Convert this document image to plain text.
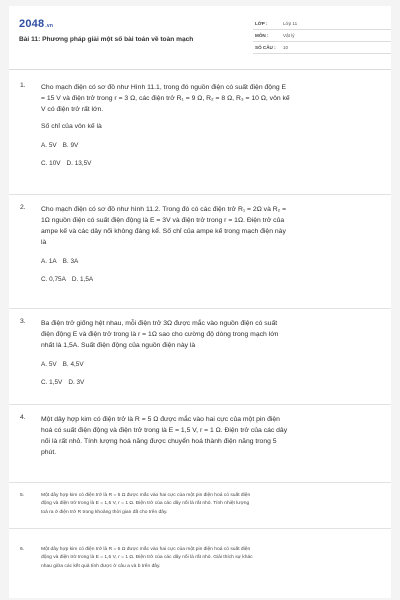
2048.vn
Bài 11: Phương pháp giải một số bài toán về toàn mạch
LỚP :	Lớp 11
MÔN :	Vật lý
SỐ CÂU : 10
1. Cho mạch điện có sơ đồ như Hình 11.1, trong đó nguồn điện có suất điện động E
= 15 V và điện trở trong r = 3 Ω, các điện trở R₁ = 9 Ω, R₂ = 8 Ω, R₃ = 10 Ω, vôn kế
V có điện trở rất lớn.
Số chỉ của vôn kế là
A. 5V B. 9V
C. 10V D. 13,5V
2. Cho mạch điện có sơ đồ như hình 11.2. Trong đó có các điện trở R₁ = 2Ω và R₂ =
1Ω nguồn điện có suất điện động là E = 3V và điện trở trong r = 1Ω. Điện trở của
ampe kế và các dây nối không đáng kể. Số chỉ của ampe kế trong mạch điện này
là
A. 1A B. 3A
C. 0,75A D. 1,5A
3. Ba điện trở giống hệt nhau, mỗi điện trở 3Ω được mắc vào nguồn điện có suất
điện động E và điện trở trong là r = 1Ω sao cho cường độ dòng trong mạch lớn
nhất là 1,5A. Suất điện động của nguồn điện này là
A. 5V B. 4,5V
C. 1,5V D. 3V
4. Một dây hợp kim có điện trở là R = 5 Ω được mắc vào hai cực của một pin điện
hoá có suất điện động và điện trở trong là E = 1,5 V, r = 1 Ω. Điện trở của các dây
nối là rất nhỏ. Tính lượng hoá năng được chuyển hoá thành điện năng trong 5
phút.
5.	Một dây hợp kim có điện trở là R = 5 Ω được mắc vào hai cực của một pin điện hoá có suất điện
động và điện trở trong là E = 1,5 V, r = 1 Ω. Điện trở của các dây nối là rất nhỏ. Tính nhiệt lượng
toả ra ở điện trở R trong khoảng thời gian đã cho trên đây.
6.	Một dây hợp kim có điện trở là R = 5 Ω được mắc vào hai cực của một pin điện hoá có suất điện
động và điện trở trong là E = 1,5 V, r = 1 Ω. Điện trở của các dây nối là rất nhỏ. Giải thích sự khác
nhau giữa các kết quả tính được ở câu a và b trên đây.
